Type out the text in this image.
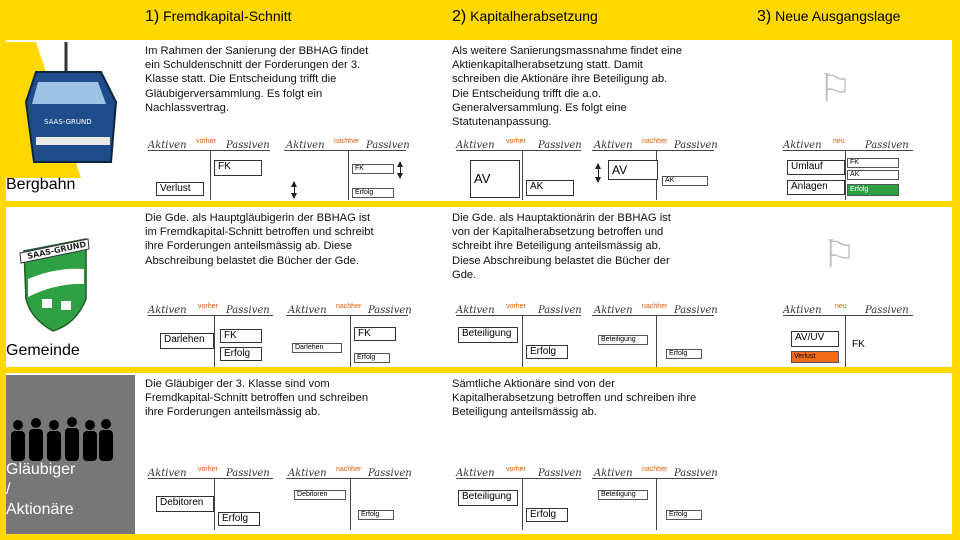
1) Fremdkapital-Schnitt	2) Kapitalherabsetzung	3) Neue Ausgangslage
SAAS-GRUND
Bergbahn
SAAS-GRUND
Gemeinde
Gläubiger
/
Aktionäre
Im Rahmen der Sanierung der BBHAG findet ein Schuldenschnitt der Forderungen der 3. Klasse statt. Die Entscheidung trifft die Gläubigerversammlung. Es folgt ein Nachlassvertrag.
Als weitere Sanierungsmassnahme findet eine Aktienkapitalherabsetzung statt. Damit schreiben die Aktionäre ihre Beteiligung ab. Die Entscheidung trifft die a.o. Generalversammlung. Es folgt eine Statutenanpassung.
⚐
Die Gde. als Hauptgläubigerin der BBHAG ist im Fremdkapital-Schnitt betroffen und schreibt ihre Forderungen anteilsmässig ab. Diese Abschreibung belastet die Bücher der Gde.
Die Gde. als Hauptaktionärin der BBHAG ist von der Kapitalherabsetzung betroffen und schreibt ihre Beteiligung anteilsmässig ab. Diese Abschreibung belastet die Bücher der Gde.	⚐
Die Gläubiger der 3. Klasse sind vom Fremdkapital-Schnitt betroffen und schreiben ihre Forderungen anteilsmässig ab.
Sämtliche Aktionäre sind von der Kapitalherabsetzung betroffen und schreiben ihre Beteiligung anteilsmässig ab.
Aktiven vorher Passiven Aktiven nachher Passiven
FK
Verlust
FK
Erfolg
Aktiven vorher Passiven Aktiven nachher Passiven
AV
AK
AV
AK
Aktiven neu Passiven
Umlauf
Anlagen
FK
AK
Erfolg
Aktiven vorher Passiven Aktiven nachher Passiven
Darlehen	FK
Erfolg
Darlehen
FK
Erfolg
Aktiven vorher Passiven Aktiven nachher Passiven
Beteiligung
Erfolg
Beteiligung
Erfolg
Aktiven neu Passiven
AV/UV
Verlust
FK
Aktiven vorher Passiven Aktiven nachher Passiven
Debitoren
Erfolg
Debitoren
Erfolg
Aktiven vorher Passiven Aktiven nachher Passiven
Beteiligung
Erfolg
Beteiligung
Erfolg
